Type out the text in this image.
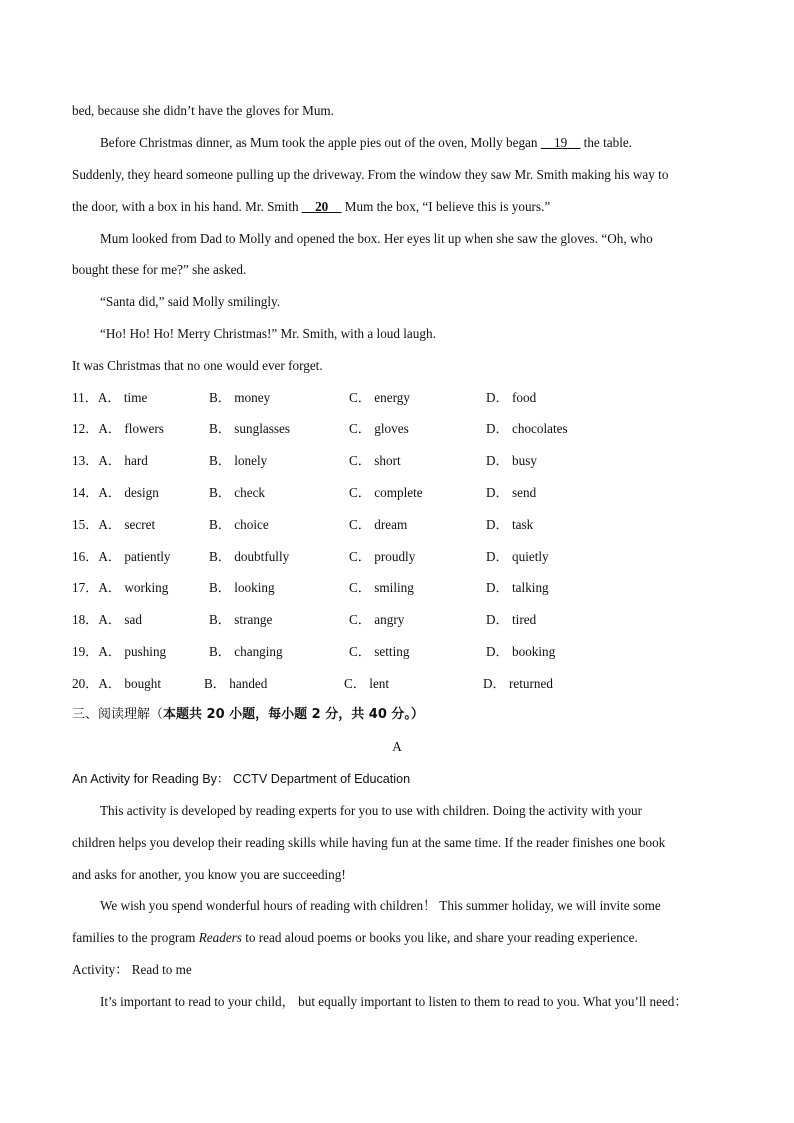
bed, because she didn’t have the gloves for Mum.
Before Christmas dinner, as Mum took the apple pies out of the oven, Molly began __19__ the table.
Suddenly, they heard someone pulling up the driveway. From the window they saw Mr. Smith making his way to
the door, with a box in his hand. Mr. Smith __20__ Mum the box, “I believe this is yours.”
Mum looked from Dad to Molly and opened the box. Her eyes lit up when she saw the gloves. “Oh, who
bought these for me?” she asked.
“Santa did,” said Molly smilingly.
“Ho! Ho! Ho! Merry Christmas!” Mr. Smith, with a loud laugh.
It was Christmas that no one would ever forget.
11．A． time	B． money	C． energy	D． food
12．A． flowers	B． sunglasses	C． gloves	D． chocolates
13．A． hard	B． lonely	C． short	D． busy
14．A． design	B． check	C． complete	D． send
15．A． secret	B． choice	C． dream	D． task
16．A． patiently	B． doubtfully	C． proudly	D． quietly
17．A． working	B． looking	C． smiling	D． talking
18．A． sad	B． strange	C． angry	D． tired
19．A． pushing	B． changing	C． setting	D． booking
20．A． bought	B． handed	C． lent	D． returned
三、阅读理解（本题共 20 小题，每小题 2 分，共 40 分。）
A
An Activity for Reading By： CCTV Department of Education
This activity is developed by reading experts for you to use with children. Doing the activity with your
children helps you develop their reading skills while having fun at the same time. If the reader finishes one book
and asks for another, you know you are succeeding!
We wish you spend wonderful hours of reading with children！ This summer holiday, we will invite some
families to the program Readers to read aloud poems or books you like, and share your reading experience.
Activity： Read to me
It’s important to read to your child， but equally important to listen to them to read to you. What you’ll need：
